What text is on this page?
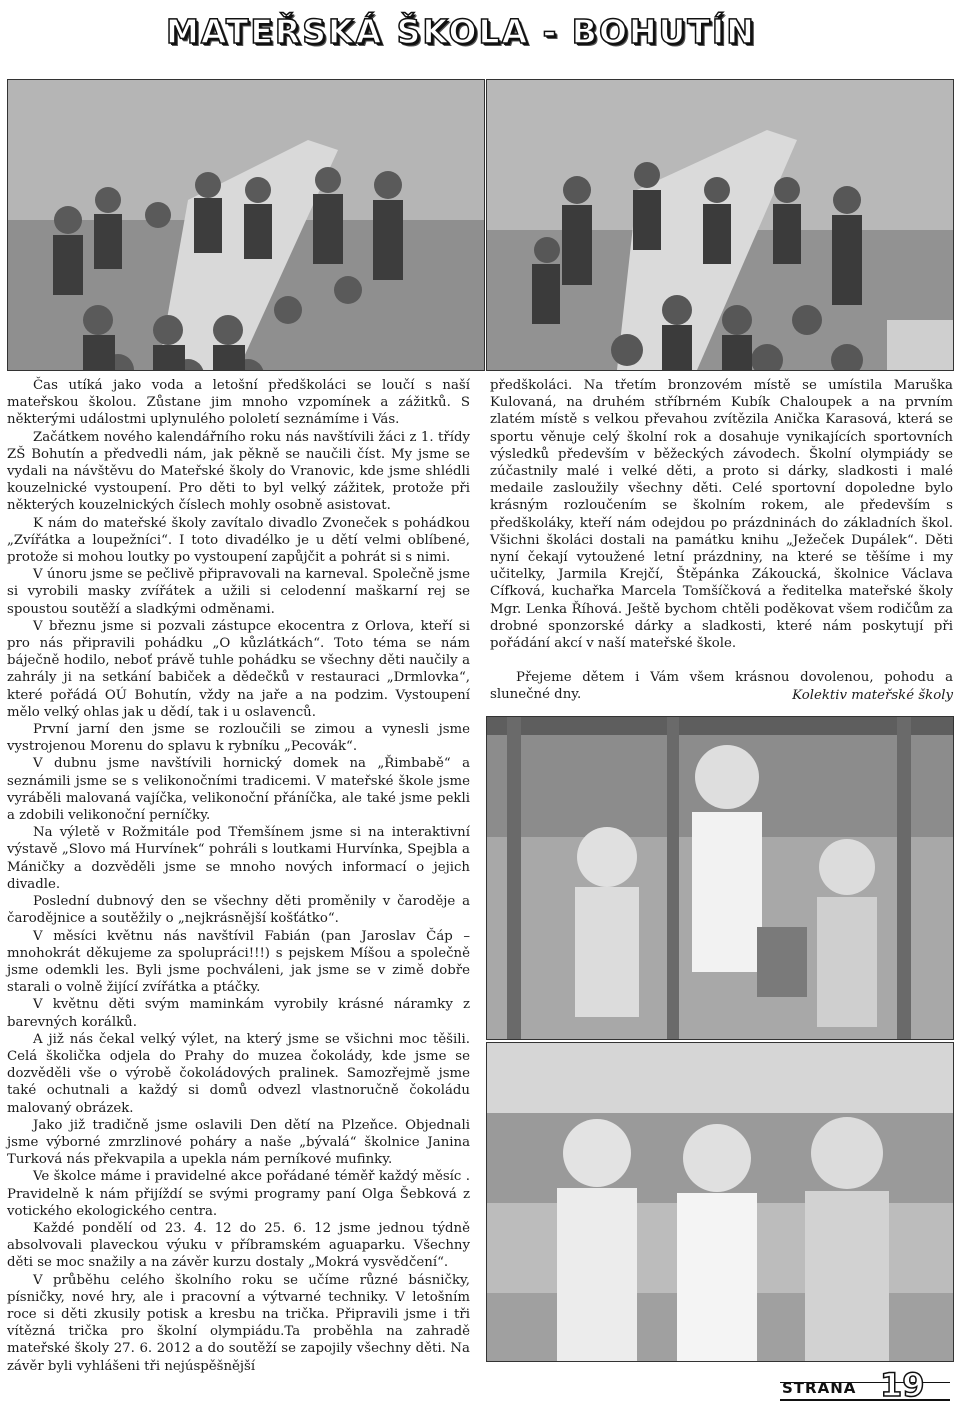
MATEŘSKÁ ŠKOLA - BOHUTÍN

Čas utíká jako voda a letošní předškoláci se loučí s naší mateřskou školou. Zůstane jim mnoho vzpomínek a zážitků. S některými událostmi uplynulého pololetí seznámíme i Vás.

Začátkem nového kalendářního roku nás navštívili žáci z 1. třídy ZŠ Bohutín a předvedli nám, jak pěkně se naučili číst. My jsme se vydali na návštěvu do Mateřské školy do Vranovic, kde jsme shlédli kouzelnické vystoupení. Pro děti to byl velký zážitek, protože při některých kouzelnických číslech mohly osobně asistovat.

K nám do mateřské školy zavítalo divadlo Zvoneček s pohádkou „Zvířátka a loupežníci“. I toto divadélko je u dětí velmi oblíbené, protože si mohou loutky po vystoupení zapůjčit a pohrát si s nimi.

V únoru jsme se pečlivě připravovali na karneval. Společně jsme si vyrobili masky zvířátek a užili si celodenní maškarní rej se spoustou soutěží a sladkými odměnami.

V březnu jsme si pozvali zástupce ekocentra z Orlova, kteří si pro nás připravili pohádku „O kůzlátkách“. Toto téma se nám báječně hodilo, neboť právě tuhle pohádku se všechny děti naučily a zahrály ji na setkání babiček a dědečků v restauraci „Drmlovka“, které pořádá OÚ Bohutín, vždy na jaře a na podzim. Vystoupení mělo velký ohlas jak u dědí, tak i u oslavenců.

První jarní den jsme se rozloučili se zimou a vynesli jsme vystrojenou Morenu do splavu k rybníku „Pecovák“.

V dubnu jsme navštívili hornický domek na „Řimbabě“ a seznámili jsme se s velikonočními tradicemi. V mateřské škole jsme vyráběli malovaná vajíčka, velikonoční přáníčka, ale také jsme pekli a zdobili velikonoční perníčky.

Na výletě v Rožmitále pod Třemšínem jsme si na interaktivní výstavě „Slovo má Hurvínek“ pohráli s loutkami Hurvínka, Spejbla a Máničky a dozvěděli jsme se mnoho nových informací o jejich divadle.

Poslední dubnový den se všechny děti proměnily v čaroděje a čarodějnice a soutěžily o „nejkrásnější košťátko“.

V měsíci květnu nás navštívil Fabián (pan Jaroslav Čáp – mnohokrát děkujeme za spolupráci!!!) s pejskem Míšou a společně jsme odemkli les. Byli jsme pochváleni, jak jsme se v zimě dobře starali o volně žijící zvířátka a ptáčky.

V květnu děti svým maminkám vyrobily krásné náramky z barevných korálků.

A již nás čekal velký výlet, na který jsme se všichni moc těšili. Celá školička odjela do Prahy do muzea čokolády, kde jsme se dozvěděli vše o výrobě čokoládových pralinek. Samozřejmě jsme také ochutnali a každý si domů odvezl vlastnoručně čokoládu malovaný obrázek.

Jako již tradičně jsme oslavili Den dětí na Plzeňce. Objednali jsme výborné zmrzlinové poháry a naše „bývalá“ školnice Janina Turková nás překvapila a upekla nám perníkové mufinky.

Ve školce máme i pravidelné akce pořádané téměř každý měsíc . Pravidelně k nám přijíždí se svými programy paní Olga Šebková z votického ekologického centra.

Každé pondělí od 23. 4. 12 do 25. 6. 12 jsme jednou týdně absolvovali plaveckou výuku v příbramském aguaparku. Všechny děti se moc snažily a na závěr kurzu dostaly „Mokrá vysvědčení“.

V průběhu celého školního roku se učíme různé básničky, písničky, nové hry, ale i pracovní a výtvarné techniky. V letošním roce si děti zkusily potisk a kresbu na trička. Připravili jsme i tři vítězná trička pro školní olympiádu.Ta proběhla na zahradě mateřské školy 27. 6. 2012 a do soutěží se zapojily všechny děti. Na závěr byli vyhlášeni tři nejúspěšnější

předškoláci. Na třetím bronzovém místě se umístila Maruška Kulovaná, na druhém stříbrném Kubík Chaloupek a na prvním zlatém místě s velkou převahou zvítězila Anička Karasová, která se sportu věnuje celý školní rok a dosahuje vynikajících sportovních výsledků především v běžeckých závodech. Školní olympiády se zúčastnily malé i velké děti, a proto si dárky, sladkosti i malé medaile zasloužily všechny děti. Celé sportovní dopoledne bylo krásným rozloučením se školním rokem, ale především s předškoláky, kteří nám odejdou po prázdninách do základních škol. Všichni školáci dostali na památku knihu „Ježeček Dupálek“. Děti nyní čekají vytoužené letní prázdniny, na které se těšíme i my učitelky, Jarmila Krejčí, Štěpánka Zákoucká, školnice Václava Cífková, kuchařka Marcela Tomšíčková a ředitelka mateřské školy Mgr. Lenka Říhová. Ještě bychom chtěli poděkovat všem rodičům za drobné sponzorské dárky a sladkosti, které nám poskytují při pořádání akcí v naší mateřské škole.

Přejeme dětem i Vám všem krásnou dovolenou, pohodu a slunečné dny.	Kolektiv mateřské školy
STRANA 19
